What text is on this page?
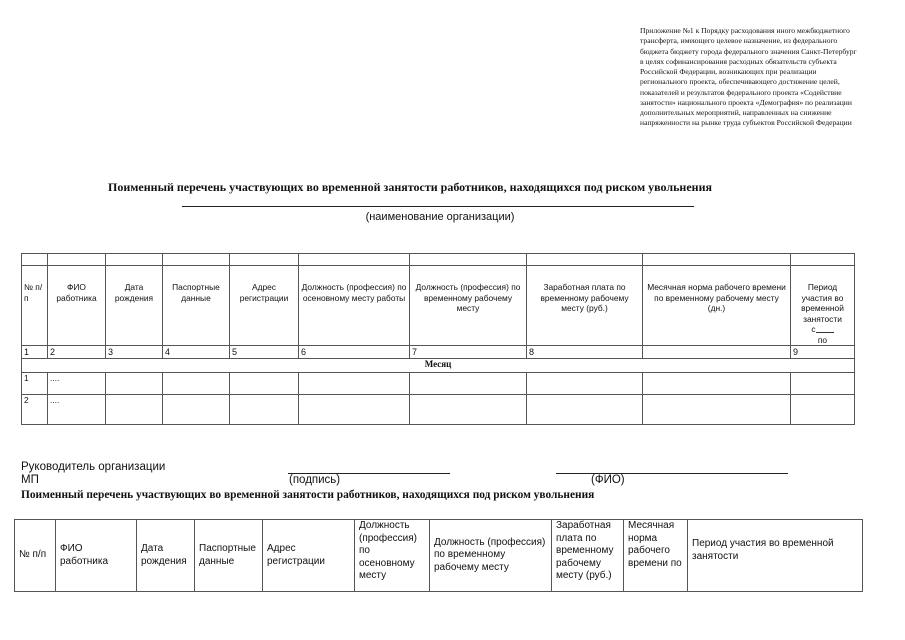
Приложение №1 к Порядку расходования иного межбюджетного трансферта, имеющего целевое назначение, из федерального бюджета бюджету города федерального значения Санкт-Петербург в целях софинансирования расходных обязательств субъекта Российской Федерации, возникающих при реализации регионального проекта, обеспечивающего достижение целей, показателей и результатов федерального проекта «Содействие занятости» национального проекта «Демография» по реализации дополнительных мероприятий, направленных на снижение напряженности на рынке труда субъектов Российской Федерации
Поименный перечень участвующих во временной занятости работников, находящихся под риском увольнения
(наименование организации)

№ п/п	ФИО работника	Дата рождения	Паспортные данные	Адрес регистрации	Должность (профессия) по осеновному месту работы	Должность (профессия) по временному рабочему месту	Заработная плата по временному рабочему месту (руб.)	Месячная норма рабочего времени по временному рабочему месту (дн.)	Период участия во временной занятости
с
по
1	2	3	4	5	6	7	8		9
Месяц									
1	....								
2	....								
Руководитель организации
МП	(подпись)	(ФИО)
Поименный перечень участвующих во временной занятости работников, находящихся под риском увольнения
№ п/п	ФИО работника	Дата рождения	Паспортные данные	Адрес регистрации	Должность (профессия) по осеновному месту	Должность (профессия) по временному рабочему месту	Заработная плата по временному рабочему месту (руб.)	Месячная норма рабочего времени по	Период участия во временной занятости
